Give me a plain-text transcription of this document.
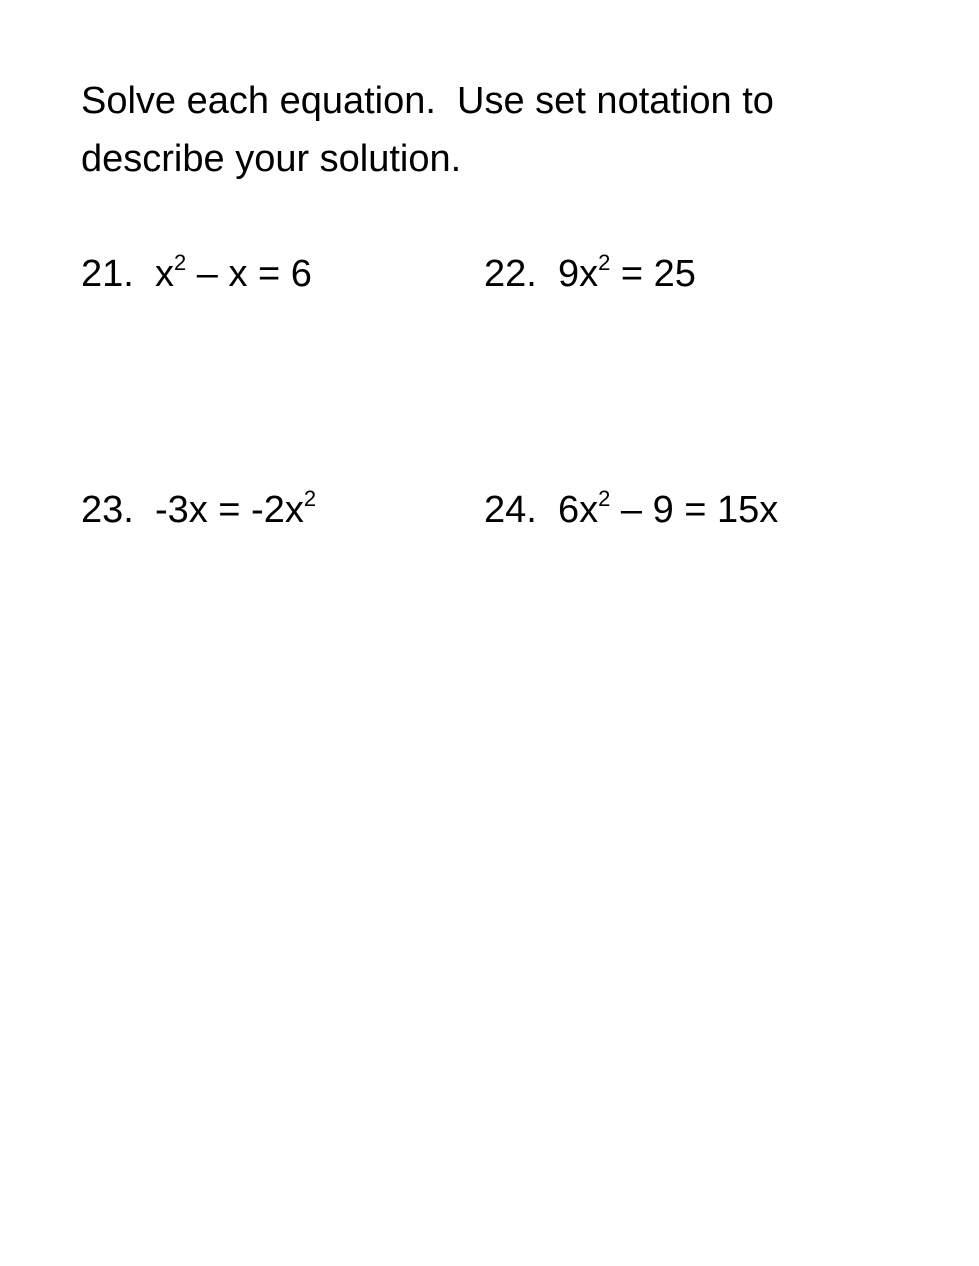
Solve each equation.  Use set notation to
describe your solution.
21. $x^2 - x = 6$	22. $9x^2 = 25$
23. $-3x = -2x^2$	24. $6x^2 - 9 = 15x$
